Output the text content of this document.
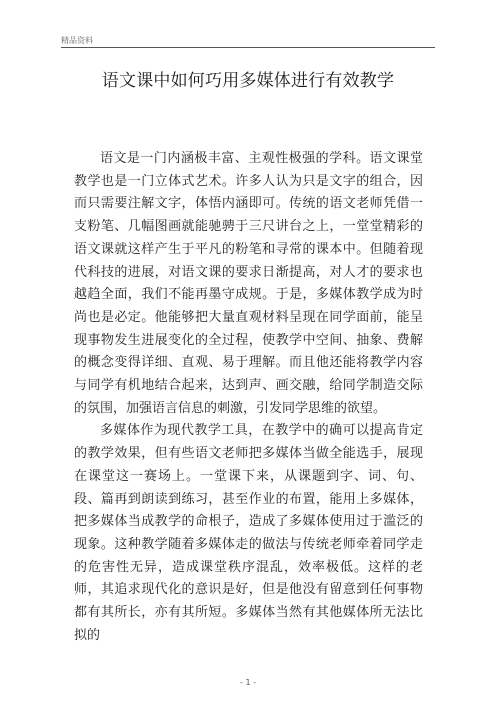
精品资料
语文课中如何巧用多媒体进行有效教学

语文是一门内涵极丰富、主观性极强的学科。语文课堂教学也是一门立体式艺术。许多人认为只是文字的组合，因而只需要注解文字，体悟内涵即可。传统的语文老师凭借一支粉笔、几幅图画就能驰骋于三尺讲台之上，一堂堂精彩的语文课就这样产生于平凡的粉笔和寻常的课本中。但随着现代科技的进展，对语文课的要求日渐提高，对人才的要求也越趋全面，我们不能再墨守成规。于是，多媒体教学成为时尚也是必定。他能够把大量直观材料呈现在同学面前，能呈现事物发生进展变化的全过程，使教学中空间、抽象、费解的概念变得详细、直观、易于理解。而且他还能将教学内容与同学有机地结合起来，达到声、画交融，给同学制造交际的氛围，加强语言信息的刺激，引发同学思维的欲望。

多媒体作为现代教学工具，在教学中的确可以提高肯定的教学效果，但有些语文老师把多媒体当做全能选手，展现在课堂这一赛场上。一堂课下来，从课题到字、词、句、段、篇再到朗读到练习，甚至作业的布置，能用上多媒体，把多媒体当成教学的命根子，造成了多媒体使用过于滥泛的现象。这种教学随着多媒体走的做法与传统老师牵着同学走的危害性无异，造成课堂秩序混乱，效率极低。这样的老师，其追求现代化的意识是好，但是他没有留意到任何事物都有其所长，亦有其所短。多媒体当然有其他媒体所无法比拟的

- 1 -
